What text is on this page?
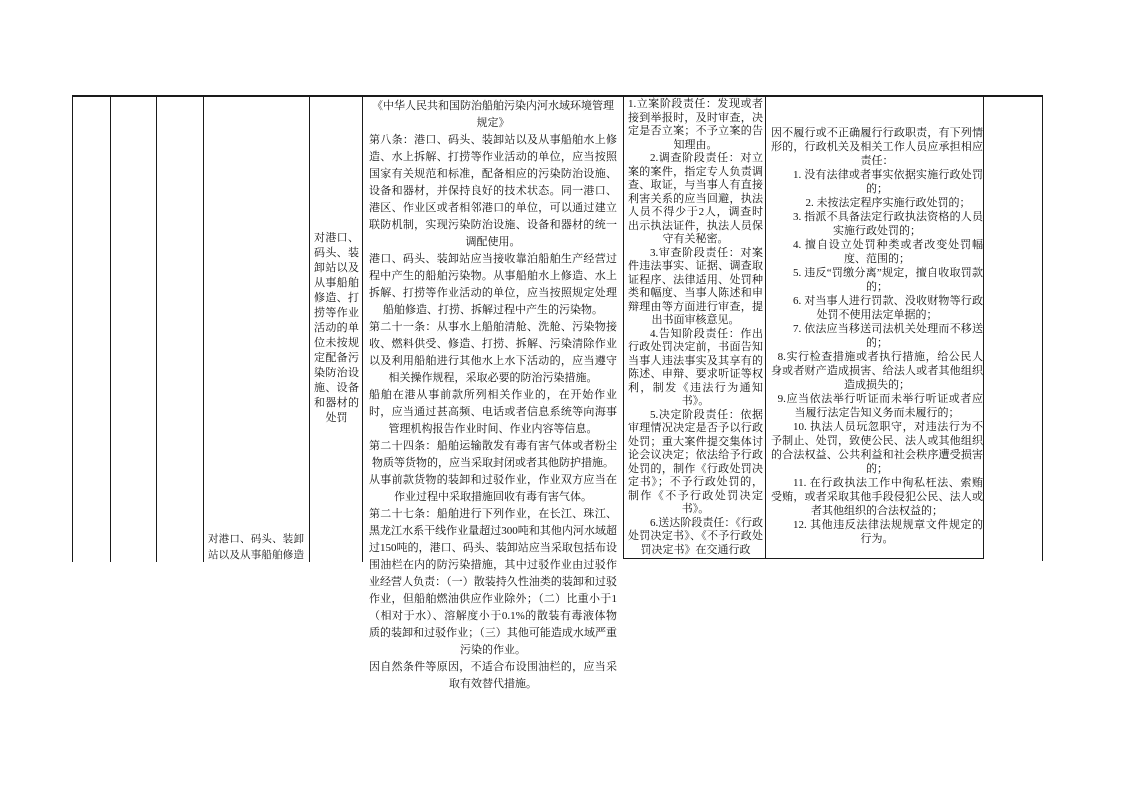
对港口、码头、装卸站以及从事船舶修造

对港口、码头、装卸站以及从事船舶修造、打捞等作业活动的单位未按规定配备污染防治设施、设备和器材的处罚

《中华人民共和国防治船舶污染内河水域环境管理规定》

第八条：港口、码头、装卸站以及从事船舶水上修造、水上拆解、打捞等作业活动的单位，应当按照国家有关规范和标准，配备相应的污染防治设施、设备和器材，并保持良好的技术状态。同一港口、港区、作业区或者相邻港口的单位，可以通过建立联防机制，实现污染防治设施、设备和器材的统一调配使用。

港口、码头、装卸站应当接收靠泊船舶生产经营过程中产生的船舶污染物。从事船舶水上修造、水上拆解、打捞等作业活动的单位，应当按照规定处理船舶修造、打捞、拆解过程中产生的污染物。

第二十一条：从事水上船舶清舱、洗舱、污染物接收、燃料供受、修造、打捞、拆解、污染清除作业以及利用船舶进行其他水上水下活动的，应当遵守相关操作规程，采取必要的防治污染措施。

船舶在港从事前款所列相关作业的，在开始作业时，应当通过甚高频、电话或者信息系统等向海事管理机构报告作业时间、作业内容等信息。

第二十四条：船舶运输散发有毒有害气体或者粉尘物质等货物的，应当采取封闭或者其他防护措施。

从事前款货物的装卸和过驳作业，作业双方应当在作业过程中采取措施回收有毒有害气体。

第二十七条：船舶进行下列作业，在长江、珠江、黑龙江水系干线作业量超过300吨和其他内河水域超过150吨的，港口、码头、装卸站应当采取包括布设围油栏在内的防污染措施，其中过驳作业由过驳作业经营人负责：（一）散装持久性油类的装卸和过驳作业，但船舶燃油供应作业除外；（二）比重小于1（相对于水）、溶解度小于0.1%的散装有毒液体物质的装卸和过驳作业；（三）其他可能造成水域严重污染的作业。

因自然条件等原因，不适合布设围油栏的，应当采取有效替代措施。

1.立案阶段责任：发现或者接到举报时，及时审查，决定是否立案；不予立案的告知理由。

2.调查阶段责任：对立案的案件，指定专人负责调查、取证，与当事人有直接利害关系的应当回避，执法人员不得少于2人，调查时出示执法证件，执法人员保守有关秘密。

3.审查阶段责任：对案件违法事实、证据、调查取证程序、法律适用、处罚种类和幅度、当事人陈述和申辩理由等方面进行审查，提出书面审核意见。

4.告知阶段责任：作出行政处罚决定前，书面告知当事人违法事实及其享有的陈述、申辩、要求听证等权利，制发《违法行为通知书》。

5.决定阶段责任：依据审理情况决定是否予以行政处罚；重大案件提交集体讨论会议决定；依法给予行政处罚的，制作《行政处罚决定书》；不予行政处罚的，制作《不予行政处罚决定书》。

6.送达阶段责任：《行政处罚决定书》、《不予行政处罚决定书》在交通行政

因不履行或不正确履行行政职责，有下列情形的，行政机关及相关工作人员应承担相应责任：

1. 没有法律或者事实依据实施行政处罚的；

2. 未按法定程序实施行政处罚的；

3. 指派不具备法定行政执法资格的人员实施行政处罚的；

4. 擅自设立处罚种类或者改变处罚幅度、范围的；

5. 违反“罚缴分离”规定，擅自收取罚款的；

6. 对当事人进行罚款、没收财物等行政处罚不使用法定单据的；

7. 依法应当移送司法机关处理而不移送的；

8.实行检查措施或者执行措施，给公民人身或者财产造成损害、给法人或者其他组织造成损失的；

9.应当依法举行听证而未举行听证或者应当履行法定告知义务而未履行的；

10. 执法人员玩忽职守，对违法行为不予制止、处罚，致使公民、法人或其他组织的合法权益、公共利益和社会秩序遭受损害的；

11. 在行政执法工作中徇私枉法、索贿受贿，或者采取其他手段侵犯公民、法人或者其他组织的合法权益的；

12. 其他违反法律法规规章文件规定的行为。
